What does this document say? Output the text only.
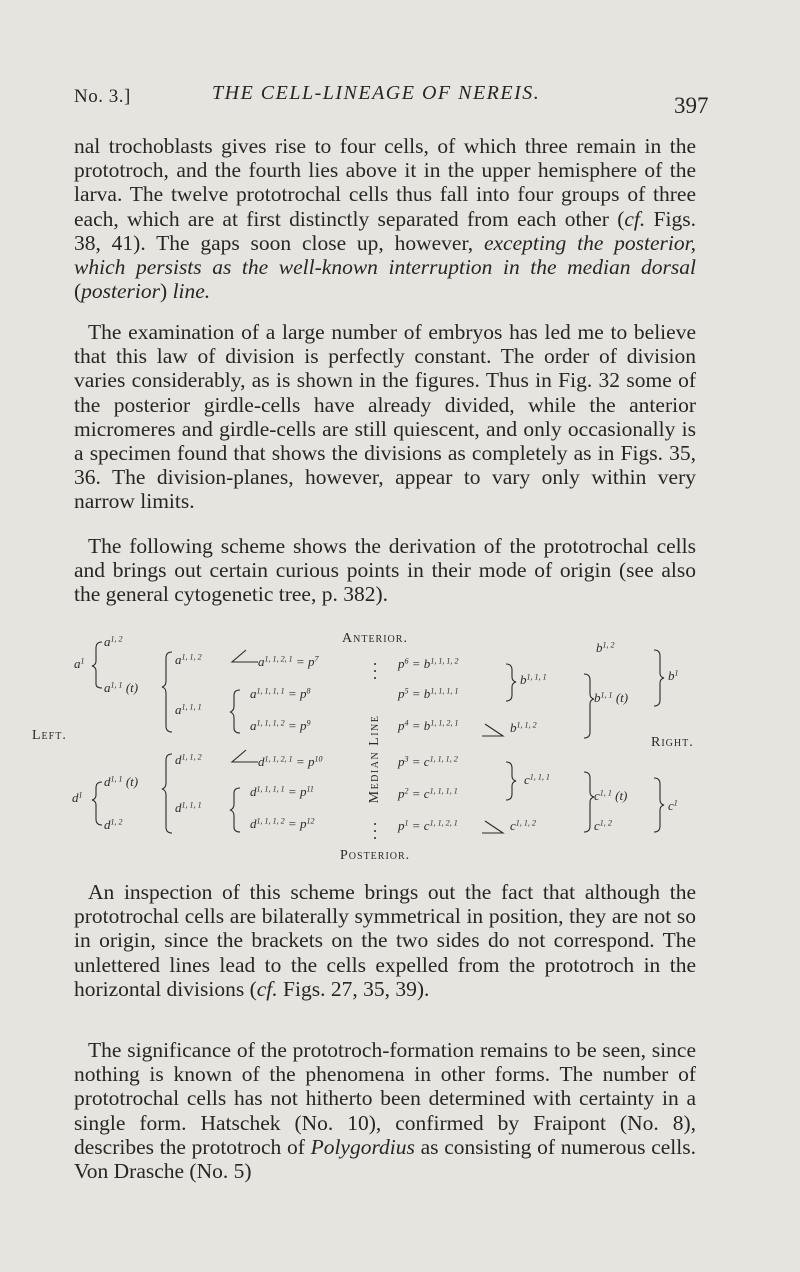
No. 3.]	THE CELL-LINEAGE OF NEREIS.	397

nal trochoblasts gives rise to four cells, of which three remain in the prototroch, and the fourth lies above it in the upper hemisphere of the larva. The twelve prototrochal cells thus fall into four groups of three each, which are at first distinctly separated from each other (cf. Figs. 38, 41). The gaps soon close up, however, excepting the posterior, which persists as the well-known interruption in the median dorsal (posterior) line.

The examination of a large number of embryos has led me to believe that this law of division is perfectly constant. The order of division varies considerably, as is shown in the figures. Thus in Fig. 32 some of the posterior girdle-cells have already divided, while the anterior micromeres and girdle-cells are still quiescent, and only occasionally is a specimen found that shows the divisions as completely as in Figs. 35, 36. The division-planes, however, appear to vary only within very narrow limits.

The following scheme shows the derivation of the prototrochal cells and brings out certain curious points in their mode of origin (see also the general cytogenetic tree, p. 382).

Anterior.
Posterior.
Left.	Right.
Median Line
$a^1$
$a^{1, 2}$
$a^{1, 1}$ (t)
$a^{1, 1, 2}$	$a^{1, 1, 2, 1} = p^7$
$a^{1, 1, 1}$
$a^{1, 1, 1, 1} = p^8$
$a^{1, 1, 1, 2} = p^9$
$d^1$
$d^{1, 1}$ (t)
$d^{1, 2}$
$d^{1, 1, 2}$	$d^{1, 1, 2, 1} = p^{10}$
$d^{1, 1, 1}$
$d^{1, 1, 1, 1} = p^{11}$
$d^{1, 1, 1, 2} = p^{12}$
$p^6 = b^{1, 1, 1, 2}$
$p^5 = b^{1, 1, 1, 1}$
$p^4 = b^{1, 1, 2, 1}$
$b^{1, 1, 1}$
$b^{1, 1, 2}$
$b^{1, 2}$
$b^{1, 1}$ (t)
$b^1$
$p^3 = c^{1, 1, 1, 2}$
$p^2 = c^{1, 1, 1, 1}$
$p^1 = c^{1, 1, 2, 1}$
$c^{1, 1, 1}$
$c^{1, 1, 2}$
$c^{1, 1}$ (t)
$c^{1, 2}$
$c^1$

An inspection of this scheme brings out the fact that although the prototrochal cells are bilaterally symmetrical in position, they are not so in origin, since the brackets on the two sides do not correspond. The unlettered lines lead to the cells expelled from the prototroch in the horizontal divisions (cf. Figs. 27, 35, 39).

The significance of the prototroch-formation remains to be seen, since nothing is known of the phenomena in other forms. The number of prototrochal cells has not hitherto been determined with certainty in a single form. Hatschek (No. 10), confirmed by Fraipont (No. 8), describes the prototroch of Polygordius as consisting of numerous cells. Von Drasche (No. 5)
